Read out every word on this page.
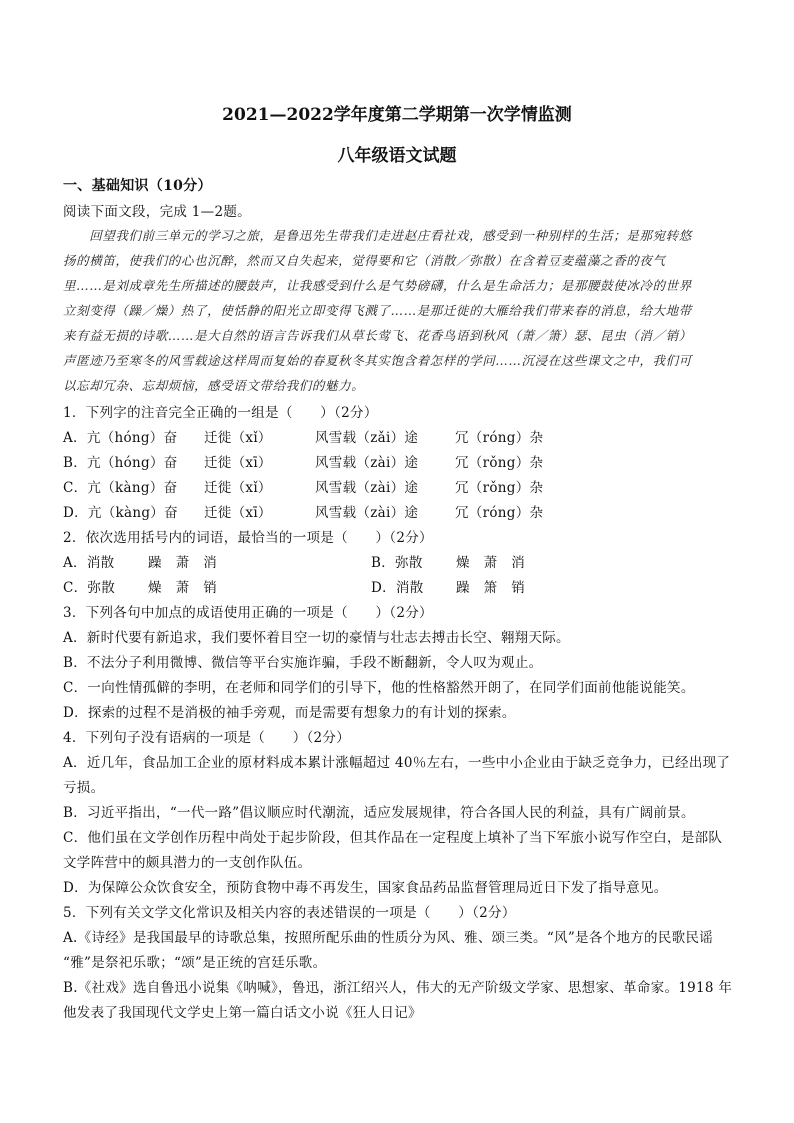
2021—2022学年度第二学期第一次学情监测
八年级语文试题
一、基础知识（10分）
阅读下面文段，完成 1—2题。
　　回望我们前三单元的学习之旅，是鲁迅先生带我们走进赵庄看社戏，感受到一种别样的生活；是那宛转悠
扬的横笛，使我们的心也沉醉，然而又自失起来，觉得要和它（消散／弥散）在含着豆麦蕴藻之香的夜气
里……是刘成章先生所描述的腰鼓声，让我感受到什么是气势磅礴，什么是生命活力；是那腰鼓使冰冷的世界
立刻变得（躁／燥）热了，使恬静的阳光立即变得飞溅了……是那迁徙的大雁给我们带来春的消息，给大地带
来有益无损的诗歌……是大自然的语言告诉我们从草长莺飞、花香鸟语到秋风（萧／箫）瑟、昆虫（消／销）
声匿迹乃至寒冬的风雪载途这样周而复始的春夏秋冬其实饱含着怎样的学问……沉浸在这些课文之中，我们可
以忘却冗杂、忘却烦恼，感受语文带给我们的魅力。
1．下列字的注音完全正确的一组是（　　）（2分）
A．亢（hóng）奋 迁徙（xǐ）	风雪载（zǎi）途	冗（róng）杂
B．亢（hóng）奋 迁徙（xī）	风雪载（zài）途	冗（rǒng）杂
C．亢（kàng）奋 迁徙（xǐ）	风雪载（zài）途	冗（rǒng）杂
D．亢（kàng）奋 迁徙（xī）	风雪载（zài）途	冗（róng）杂
2．依次选用括号内的词语，最恰当的一项是（　　）（2分）
A．消散 躁　萧　消	B．弥散 燥　萧　消
C．弥散 燥　萧　销	D．消散 躁　箫　销
3．下列各句中加点的成语使用正确的一项是（　　）（2分）
A．新时代要有新追求，我们要怀着目空一切的豪情与壮志去搏击长空、翱翔天际。
B．不法分子利用微博、微信等平台实施诈骗，手段不断翻新，令人叹为观止。
C．一向性情孤僻的李明，在老师和同学们的引导下，他的性格豁然开朗了，在同学们面前他能说能笑。
D．探索的过程不是消极的袖手旁观，而是需要有想象力的有计划的探索。
4．下列句子没有语病的一项是（　　）（2分）
A．近几年，食品加工企业的原材料成本累计涨幅超过 40％左右，一些中小企业由于缺乏竞争力，已经出现了
亏损。
B．习近平指出，“一代一路”倡议顺应时代潮流，适应发展规律，符合各国人民的利益，具有广阔前景。
C．他们虽在文学创作历程中尚处于起步阶段，但其作品在一定程度上填补了当下军旅小说写作空白，是部队
文学阵营中的颇具潜力的一支创作队伍。
D．为保障公众饮食安全，预防食物中毒不再发生，国家食品药品监督管理局近日下发了指导意见。
5．下列有关文学文化常识及相关内容的表述错误的一项是（　　）（2分）
A.《诗经》是我国最早的诗歌总集，按照所配乐曲的性质分为风、雅、颂三类。“风”是各个地方的民歌民谣
“雅”是祭祀乐歌；“颂”是正统的宫廷乐歌。
B.《社戏》选自鲁迅小说集《呐喊》，鲁迅，浙江绍兴人，伟大的无产阶级文学家、思想家、革命家。1918 年
他发表了我国现代文学史上第一篇白话文小说《狂人日记》
